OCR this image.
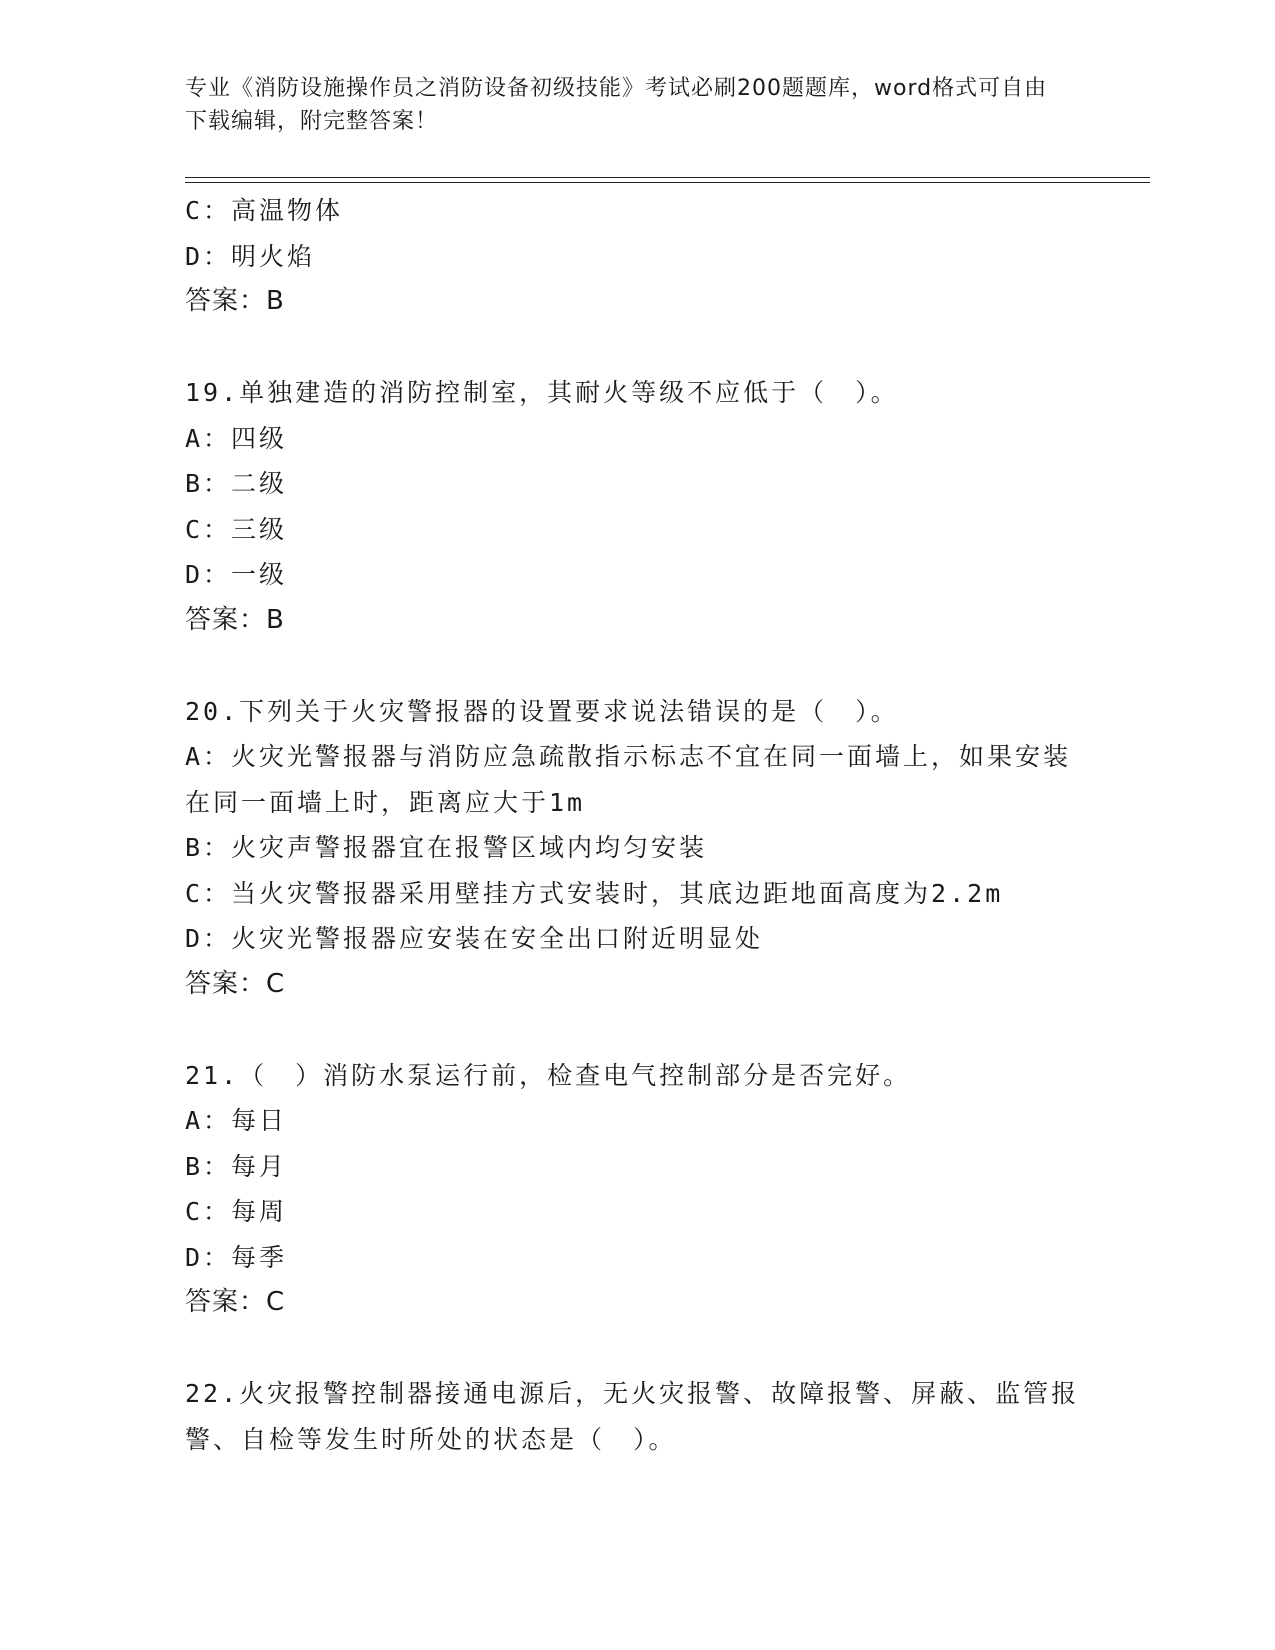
专业《消防设施操作员之消防设备初级技能》考试必刷200题题库，word格式可自由下载编辑，附完整答案！
C：高温物体
D：明火焰
答案：B
19.单独建造的消防控制室，其耐火等级不应低于（　）。
A：四级
B：二级
C：三级
D：一级
答案：B
20.下列关于火灾警报器的设置要求说法错误的是（　）。
A：火灾光警报器与消防应急疏散指示标志不宜在同一面墙上，如果安装在同一面墙上时，距离应大于1m
B：火灾声警报器宜在报警区域内均匀安装
C：当火灾警报器采用壁挂方式安装时，其底边距地面高度为2.2m
D：火灾光警报器应安装在安全出口附近明显处
答案：C
21.（　）消防水泵运行前，检查电气控制部分是否完好。
A：每日
B：每月
C：每周
D：每季
答案：C
22.火灾报警控制器接通电源后，无火灾报警、故障报警、屏蔽、监管报警、自检等发生时所处的状态是（　）。
